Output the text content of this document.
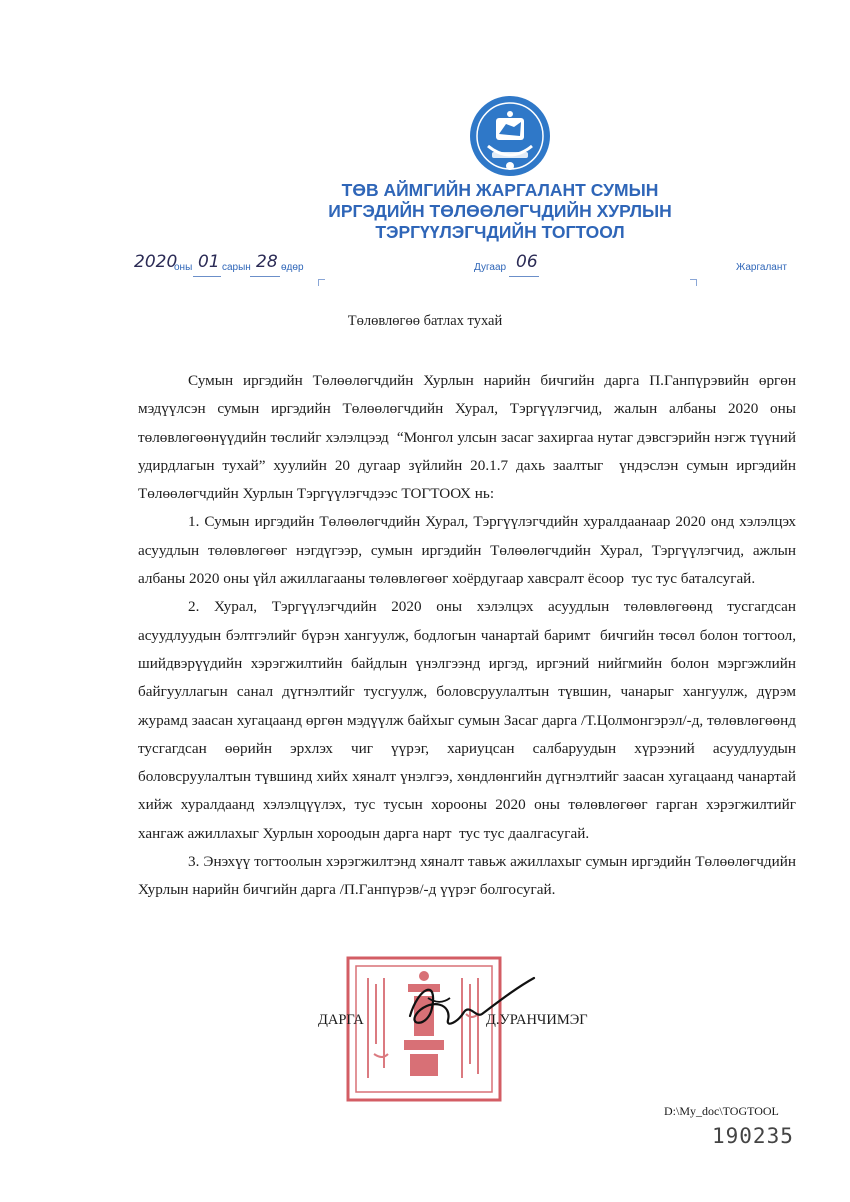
ТӨВ АЙМГИЙН ЖАРГАЛАНТ СУМЫН
ИРГЭДИЙН ТӨЛӨӨЛӨГЧДИЙН ХУРЛЫН
ТЭРГҮҮЛЭГЧДИЙН ТОГТООЛ
2020
оны 01 сарын 28 өдөр	Дугаар 06	Жаргалант
Төлөвлөгөө батлах тухай

Сумын иргэдийн Төлөөлөгчдийн Хурлын нарийн бичгийн дарга П.Ганпүрэвийн өргөн мэдүүлсэн сумын иргэдийн Төлөөлөгчдийн Хурал, Тэргүүлэгчид, жалын албаны 2020 оны төлөвлөгөөнүүдийн төслийг хэлэлцээд  “Монгол улсын засаг захиргаа нутаг дэвсгэрийн нэгж түүний удирдлагын тухай” хуулийн 20 дугаар зүйлийн 20.1.7 дахь заалтыг  үндэслэн сумын иргэдийн Төлөөлөгчдийн Хурлын Тэргүүлэгчдээс ТОГТООХ нь:

1. Сумын иргэдийн Төлөөлөгчдийн Хурал, Тэргүүлэгчдийн хуралдаанаар 2020 онд хэлэлцэх асуудлын төлөвлөгөөг нэгдүгээр, сумын иргэдийн Төлөөлөгчдийн Хурал, Тэргүүлэгчид, ажлын албаны 2020 оны үйл ажиллагааны төлөвлөгөөг хоёрдугаар хавсралт ёсоор  тус тус баталсугай.

2. Хурал, Тэргүүлэгчдийн 2020 оны хэлэлцэх асуудлын төлөвлөгөөнд тусгагдсан асуудлуудын бэлтгэлийг бүрэн хангуулж, бодлогын чанартай баримт  бичгийн төсөл болон тогтоол, шийдвэрүүдийн хэрэгжилтийн байдлын үнэлгээнд иргэд, иргэний нийгмийн болон мэргэжлийн байгууллагын санал дүгнэлтийг тусгуулж, боловсруулалтын түвшин, чанарыг хангуулж, дүрэм журамд заасан хугацаанд өргөн мэдүүлж байхыг сумын Засаг дарга /Т.Цолмонгэрэл/-д, төлөвлөгөөнд тусгагдсан өөрийн эрхлэх чиг үүрэг, хариуцсан салбаруудын хүрээний асуудлуудын боловсруулалтын түвшинд хийх хяналт үнэлгээ, хөндлөнгийн дүгнэлтийг заасан хугацаанд чанартай хийж хуралдаанд хэлэлцүүлэх, тус тусын хорооны 2020 оны төлөвлөгөөг гарган хэрэгжилтийг хангаж ажиллахыг Хурлын хороодын дарга нарт  тус тус даалгасугай.

3. Энэхүү тогтоолын хэрэгжилтэнд хяналт тавьж ажиллахыг сумын иргэдийн Төлөөлөгчдийн Хурлын нарийн бичгийн дарга /П.Ганпүрэв/-д үүрэг болгосугай.

ДАРГА	Д.УРАНЧИМЭГ
D:\My_doc\TOGTOOL
190235
